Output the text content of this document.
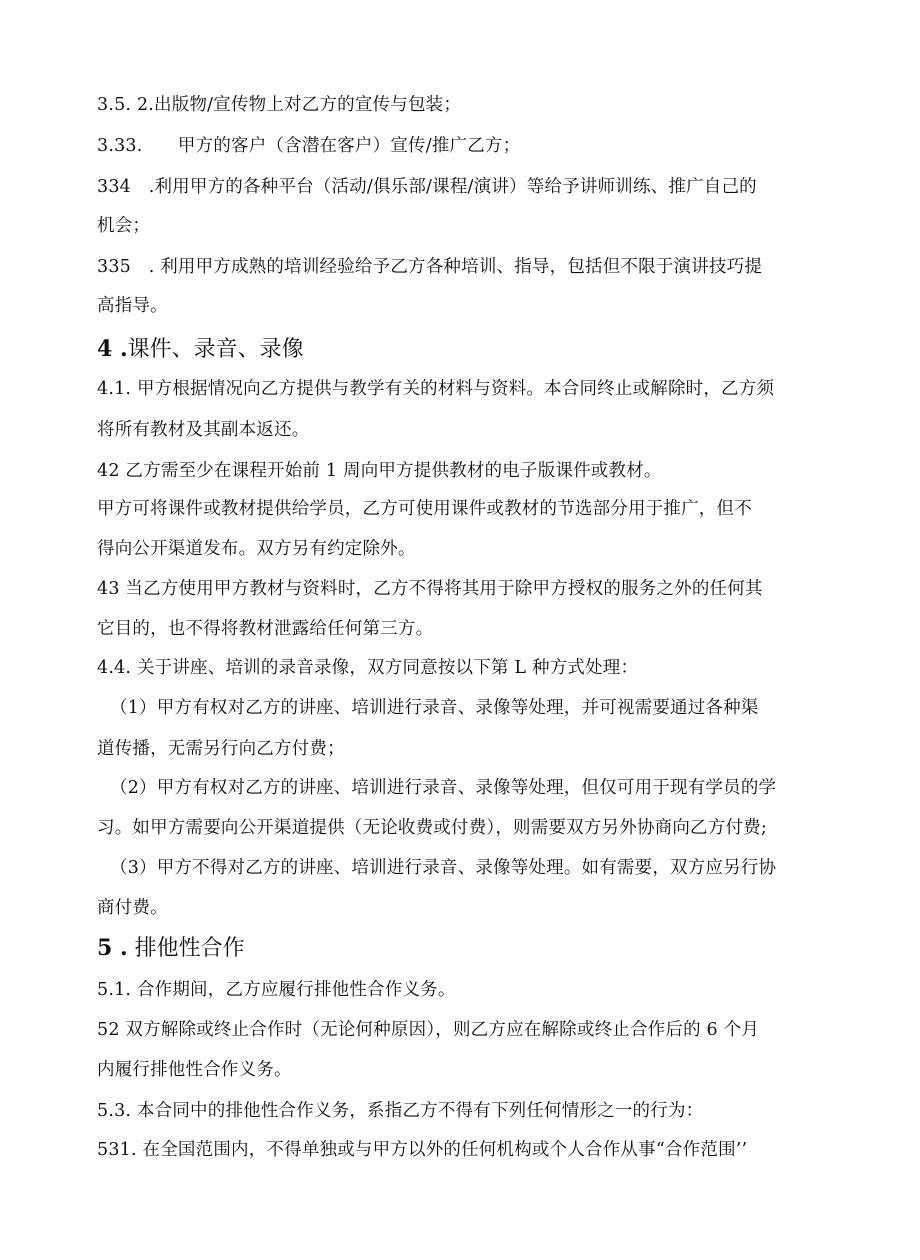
3.5. 2.出版物/宣传物上对乙方的宣传与包装；
3.33.　　甲方的客户（含潜在客户）宣传/推广乙方；
334　.利用甲方的各种平台（活动/俱乐部/课程/演讲）等给予讲师训练、推广自己的
机会；
335　. 利用甲方成熟的培训经验给予乙方各种培训、指导，包括但不限于演讲技巧提
高指导。
4 .课件、录音、录像
4.1. 甲方根据情况向乙方提供与教学有关的材料与资料。本合同终止或解除时，乙方须
将所有教材及其副本返还。
42 乙方需至少在课程开始前 1 周向甲方提供教材的电子版课件或教材。
甲方可将课件或教材提供给学员，乙方可使用课件或教材的节选部分用于推广，但不
得向公开渠道发布。双方另有约定除外。
43 当乙方使用甲方教材与资料时，乙方不得将其用于除甲方授权的服务之外的任何其
它目的，也不得将教材泄露给任何第三方。
4.4. 关于讲座、培训的录音录像，双方同意按以下第 L 种方式处理：
（1）甲方有权对乙方的讲座、培训进行录音、录像等处理，并可视需要通过各种渠
道传播，无需另行向乙方付费；
（2）甲方有权对乙方的讲座、培训进行录音、录像等处理，但仅可用于现有学员的学
习。如甲方需要向公开渠道提供（无论收费或付费），则需要双方另外协商向乙方付费;
（3）甲方不得对乙方的讲座、培训进行录音、录像等处理。如有需要，双方应另行协
商付费。
5 . 排他性合作
5.1. 合作期间，乙方应履行排他性合作义务。
52 双方解除或终止合作时（无论何种原因），则乙方应在解除或终止合作后的 6 个月
内履行排他性合作义务。
5.3. 本合同中的排他性合作义务，系指乙方不得有下列任何情形之一的行为：
531. 在全国范围内，不得单独或与甲方以外的任何机构或个人合作从事“合作范围’’
